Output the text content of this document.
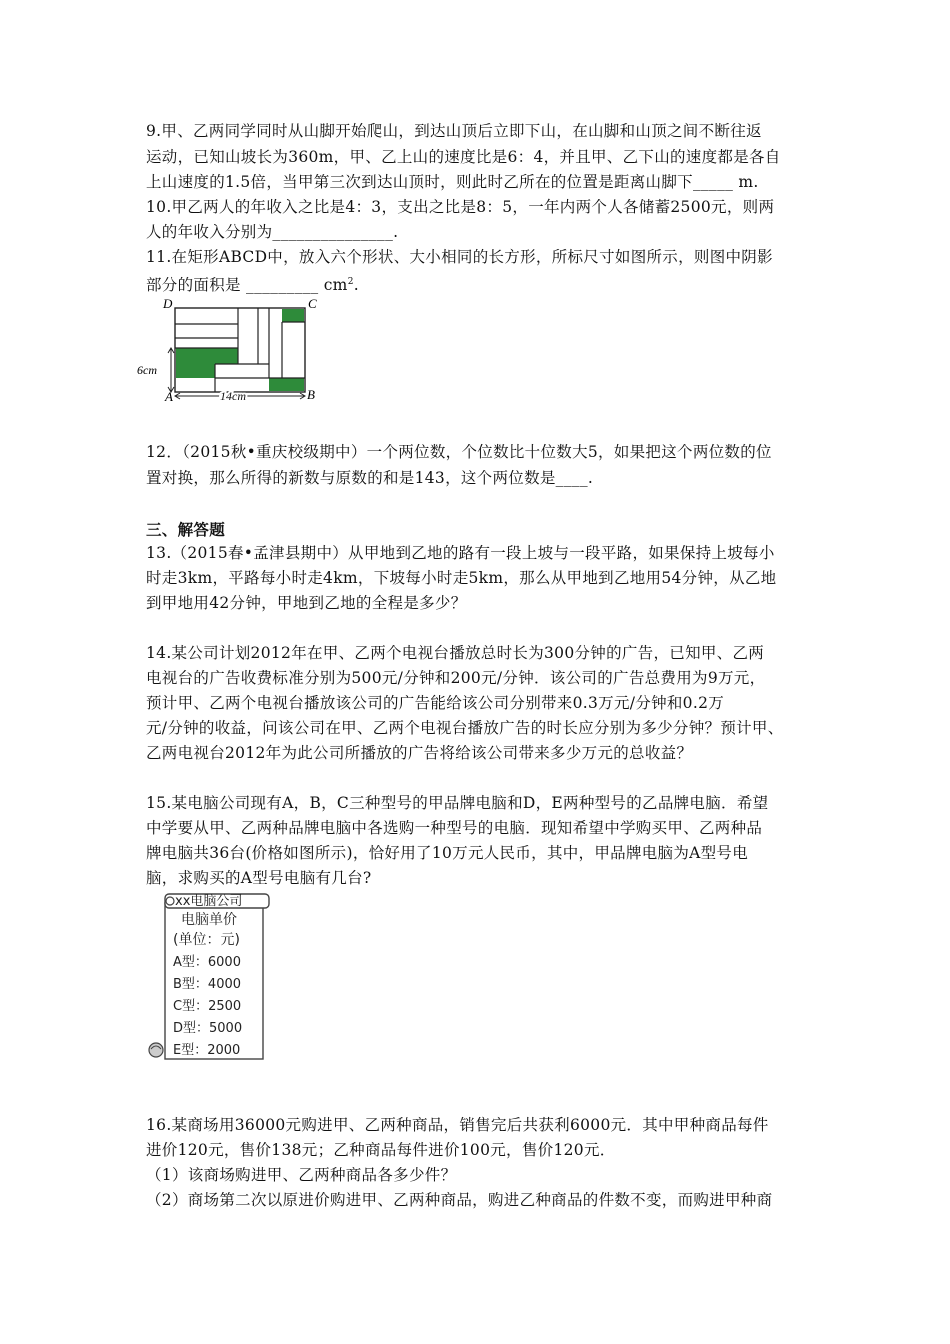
9.甲、乙两同学同时从山脚开始爬山，到达山顶后立即下山，在山脚和山顶之间不断往返
运动，已知山坡长为360m，甲、乙上山的速度比是6：4，并且甲、乙下山的速度都是各自
上山速度的1.5倍，当甲第三次到达山顶时，则此时乙所在的位置是距离山脚下_____ m.
10.甲乙两人的年收入之比是4：3，支出之比是8：5，一年内两个人各储蓄2500元，则两
人的年收入分别为_______________.
11.在矩形ABCD中，放入六个形状、大小相同的长方形，所标尺寸如图所示，则图中阴影
部分的面积是 _________ $cm^2$.
D	C
A	B
6cm
14cm
12．（2015秋•重庆校级期中）一个两位数，个位数比十位数大5，如果把这个两位数的位
置对换，那么所得的新数与原数的和是143，这个两位数是____.
三、解答题
13.（2015春•孟津县期中）从甲地到乙地的路有一段上坡与一段平路，如果保持上坡每小
时走3km，平路每小时走4km，下坡每小时走5km，那么从甲地到乙地用54分钟，从乙地
到甲地用42分钟，甲地到乙地的全程是多少？
14.某公司计划2012年在甲、乙两个电视台播放总时长为300分钟的广告，已知甲、乙两
电视台的广告收费标准分别为500元/分钟和200元/分钟．该公司的广告总费用为9万元，
预计甲、乙两个电视台播放该公司的广告能给该公司分别带来0.3万元/分钟和0.2万
元/分钟的收益，问该公司在甲、乙两个电视台播放广告的时长应分别为多少分钟？预计甲、
乙两电视台2012年为此公司所播放的广告将给该公司带来多少万元的总收益？
15.某电脑公司现有A，B，C三种型号的甲品牌电脑和D，E两种型号的乙品牌电脑．希望
中学要从甲、乙两种品牌电脑中各选购一种型号的电脑．现知希望中学购买甲、乙两种品
牌电脑共36台(价格如图所示)，恰好用了10万元人民币，其中，甲品牌电脑为A型号电
脑，求购买的A型号电脑有几台?
xx电脑公司
电脑单价
(单位：元)
A型：6000
B型：4000
C型：2500
D型：5000
E型：2000
16.某商场用36000元购进甲、乙两种商品，销售完后共获利6000元．其中甲种商品每件
进价120元，售价138元；乙种商品每件进价100元，售价120元．
（1）该商场购进甲、乙两种商品各多少件？
（2）商场第二次以原进价购进甲、乙两种商品，购进乙种商品的件数不变，而购进甲种商
